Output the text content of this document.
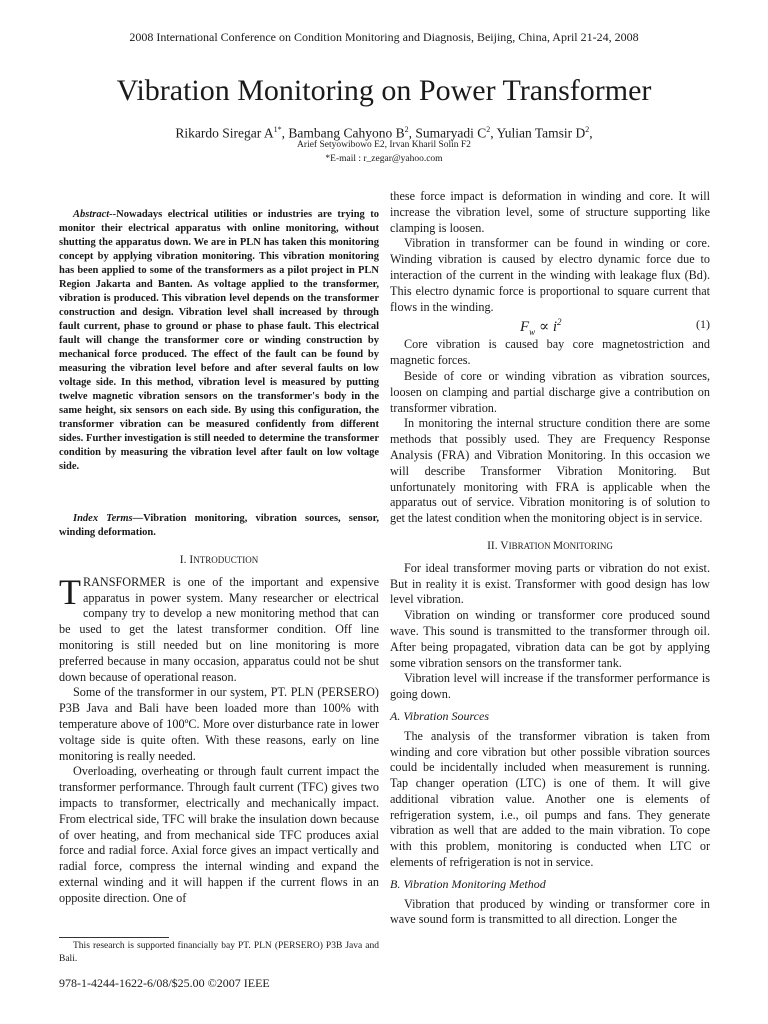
2008 International Conference on Condition Monitoring and Diagnosis, Beijing, China, April 21-24, 2008
Vibration Monitoring on Power Transformer
Rikardo Siregar $A^{1*}$, Bambang Cahyono $B^2$, Sumaryadi $C^2$, Yulian Tamsir $D^2$,
Arief Setyowibowo E2, Irvan Kharil Solin F2
*E-mail : r_zegar@yahoo.com
Abstract--Nowadays electrical utilities or industries are trying to monitor their electrical apparatus with online monitoring, without shutting the apparatus down. We are in PLN has taken this monitoring concept by applying vibration monitoring. This vibration monitoring has been applied to some of the transformers as a pilot project in PLN Region Jakarta and Banten. As voltage applied to the transformer, vibration is produced. This vibration level depends on the transformer construction and design. Vibration level shall increased by through fault current, phase to ground or phase to phase fault. This electrical fault will change the transformer core or winding construction by mechanical force produced. The effect of the fault can be found by measuring the vibration level before and after several faults on low voltage side. In this method, vibration level is measured by putting twelve magnetic vibration sensors on the transformer's body in the same height, six sensors on each side. By using this configuration, the transformer vibration can be measured confidently from different sides. Further investigation is still needed to determine the transformer condition by measuring the vibration level after fault on low voltage side.
Index Terms—Vibration monitoring, vibration sources, sensor, winding deformation.
I. INTRODUCTION

TRANSFORMER is one of the important and expensive apparatus in power system. Many researcher or electrical company try to develop a new monitoring method that can be used to get the latest transformer condition. Off line monitoring is still needed but on line monitoring is more preferred because in many occasion, apparatus could not be shut down because of operational reason.

Some of the transformer in our system, PT. PLN (PERSERO) P3B Java and Bali have been loaded more than 100% with temperature above of 100ºC. More over disturbance rate in lower voltage side is quite often. With these reasons, early on line monitoring is really needed.

Overloading, overheating or through fault current impact the transformer performance. Through fault current (TFC) gives two impacts to transformer, electrically and mechanically impact. From electrical side, TFC will brake the insulation down because of over heating, and from mechanical side TFC produces axial force and radial force. Axial force gives an impact vertically and radial force, compress the internal winding and expand the external winding and it will happen if the current flows in an opposite direction. One of

these force impact is deformation in winding and core. It will increase the vibration level, some of structure supporting like clamping is loosen.

Vibration in transformer can be found in winding or core. Winding vibration is caused by electro dynamic force due to interaction of the current in the winding with leakage flux (Bd). This electro dynamic force is proportional to square current that flows in the winding.

$F_w \propto i^2$	(1)

Core vibration is caused bay core magnetostriction and magnetic forces.

Beside of core or winding vibration as vibration sources, loosen on clamping and partial discharge give a contribution on transformer vibration.

In monitoring the internal structure condition there are some methods that possibly used. They are Frequency Response Analysis (FRA) and Vibration Monitoring. In this occasion we will describe Transformer Vibration Monitoring. But unfortunately monitoring with FRA is applicable when the apparatus out of service. Vibration monitoring is of solution to get the latest condition when the monitoring object is in service.

II. VIBRATION MONITORING

For ideal transformer moving parts or vibration do not exist. But in reality it is exist. Transformer with good design has low level vibration.

Vibration on winding or transformer core produced sound wave. This sound is transmitted to the transformer through oil. After being propagated, vibration data can be got by applying some vibration sensors on the transformer tank.

Vibration level will increase if the transformer performance is going down.

A. Vibration Sources

The analysis of the transformer vibration is taken from winding and core vibration but other possible vibration sources could be incidentally included when measurement is running. Tap changer operation (LTC) is one of them. It will give additional vibration value. Another one is elements of refrigeration system, i.e., oil pumps and fans. They generate vibration as well that are added to the main vibration. To cope with this problem, monitoring is conducted when LTC or elements of refrigeration is not in service.

B. Vibration Monitoring Method

Vibration that produced by winding or transformer core in wave sound form is transmitted to all direction. Longer the

This research is supported financially bay PT. PLN (PERSERO) P3B Java and Bali.
978-1-4244-1622-6/08/$25.00 ©2007 IEEE
